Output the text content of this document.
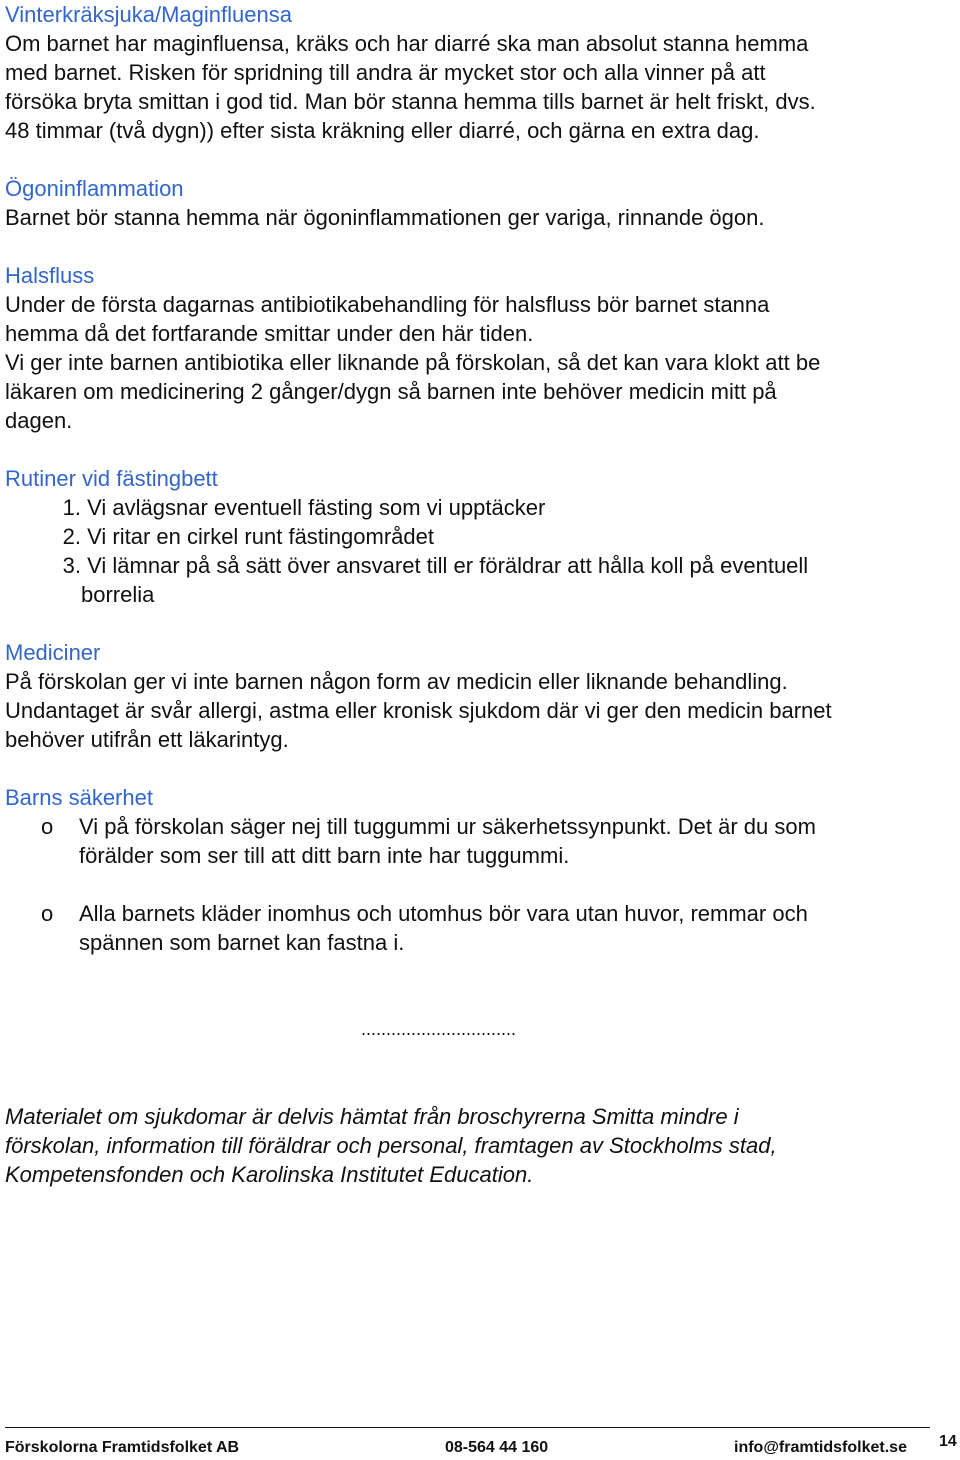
Vinterkräksjuka/Maginfluensa

Om barnet har maginfluensa, kräks och har diarré ska man absolut stanna hemma

med barnet. Risken för spridning till andra är mycket stor och alla vinner på att

försöka bryta smittan i god tid. Man bör stanna hemma tills barnet är helt friskt, dvs.

48 timmar (två dygn)) efter sista kräkning eller diarré, och gärna en extra dag.

Ögoninflammation

Barnet bör stanna hemma när ögoninflammationen ger variga, rinnande ögon.

Halsfluss

Under de första dagarnas antibiotikabehandling för halsfluss bör barnet stanna

hemma då det fortfarande smittar under den här tiden.

Vi ger inte barnen antibiotika eller liknande på förskolan, så det kan vara klokt att be

läkaren om medicinering 2 gånger/dygn så barnen inte behöver medicin mitt på

dagen.

Rutiner vid fästingbett
1. Vi avlägsnar eventuell fästing som vi upptäcker
2. Vi ritar en cirkel runt fästingområdet
3. Vi lämnar på så sätt över ansvaret till er föräldrar att hålla koll på eventuell
borrelia
Mediciner

På förskolan ger vi inte barnen någon form av medicin eller liknande behandling.

Undantaget är svår allergi, astma eller kronisk sjukdom där vi ger den medicin barnet

behöver utifrån ett läkarintyg.

Barns säkerhet
o	Vi på förskolan säger nej till tuggummi ur säkerhetssynpunkt. Det är du som
förälder som ser till att ditt barn inte har tuggummi.

o	Alla barnets kläder inomhus och utomhus bör vara utan huvor, remmar och
spännen som barnet kan fastna i.

...............................

Materialet om sjukdomar är delvis hämtat från broschyrerna Smitta mindre i

förskolan, information till föräldrar och personal, framtagen av Stockholms stad,

Kompetensfonden och Karolinska Institutet Education.

Förskolorna Framtidsfolket AB	08-564 44 160	info@framtidsfolket.se 14
